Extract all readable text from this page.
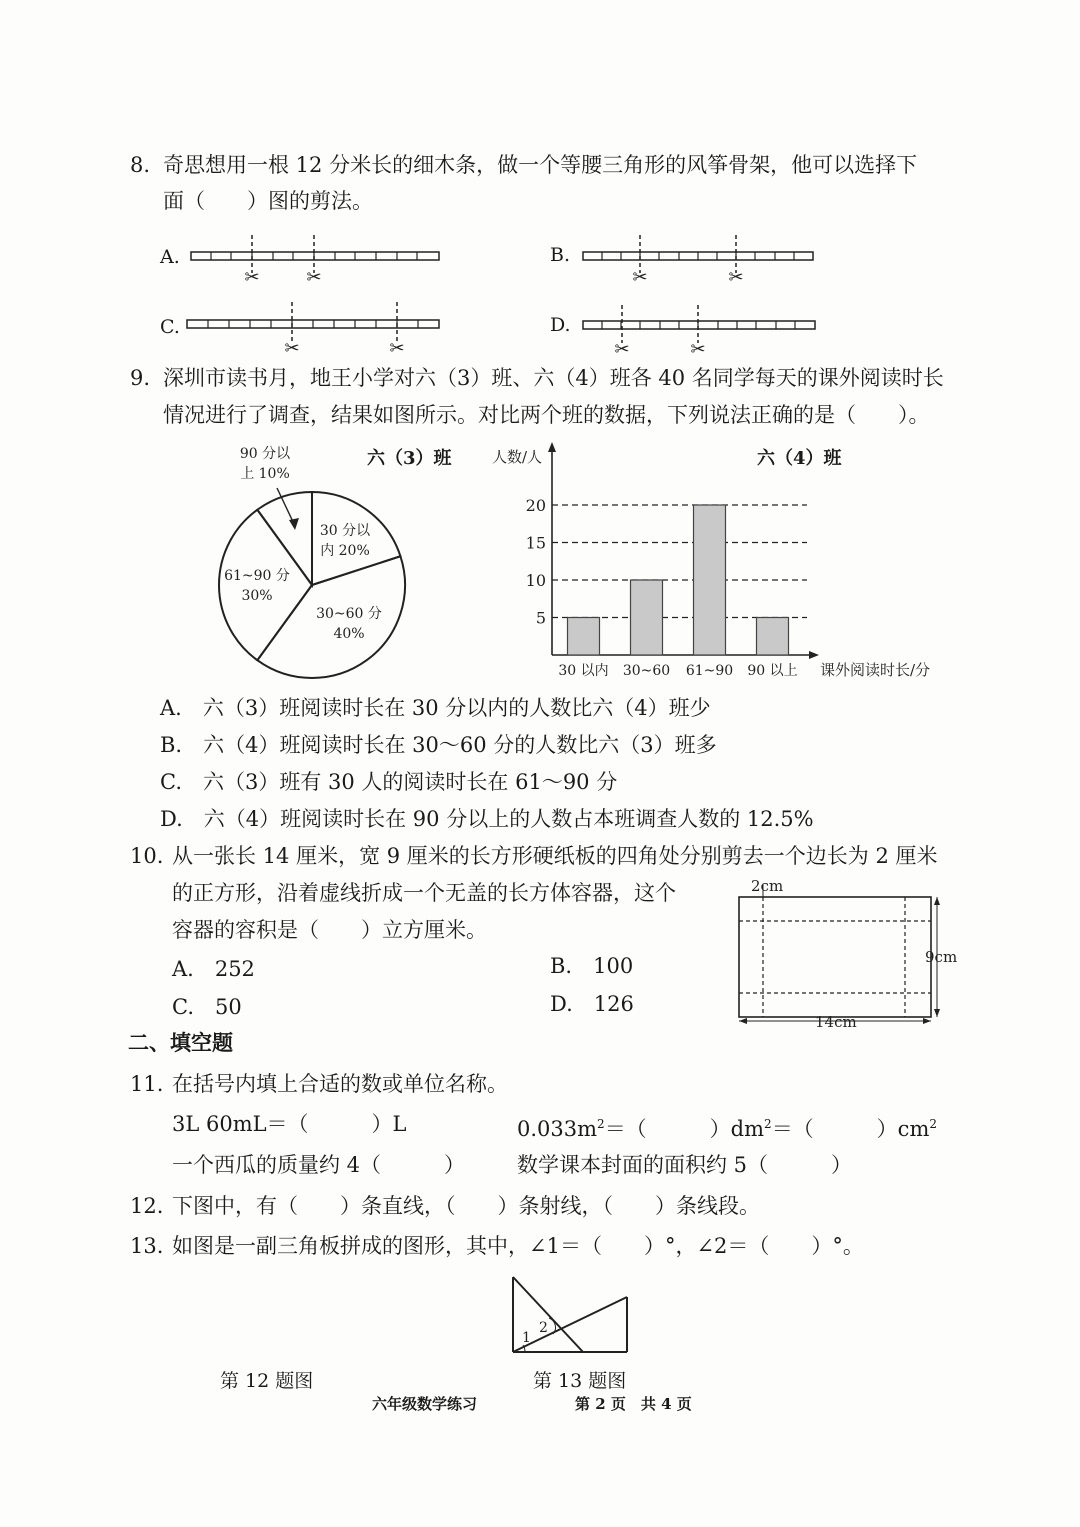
8. 奇思想用一根 12 分米长的细木条，做一个等腰三角形的风筝骨架，他可以选择下
面（　　）图的剪法。
A.	B.
C.	D.
✂	✂	✂	✂
✂	✂	✂	✂
9. 深圳市读书月，地王小学对六（3）班、六（4）班各 40 名同学每天的课外阅读时长
情况进行了调查，结果如图所示。对比两个班的数据，下列说法正确的是（　　）。
六（3）班	六（4）班
30 分以
内 20%
30~60 分
40%
61~90 分
30%
90 分以
上 10%
人数/人
5
10
15
20
30 以内 30~60 61~90 90 以上 课外阅读时长/分
A.　六（3）班阅读时长在 30 分以内的人数比六（4）班少
B.　六（4）班阅读时长在 30～60 分的人数比六（3）班多
C.　六（3）班有 30 人的阅读时长在 61～90 分
D.　六（4）班阅读时长在 90 分以上的人数占本班调查人数的 12.5%
10. 从一张长 14 厘米，宽 9 厘米的长方形硬纸板的四角处分别剪去一个边长为 2 厘米
的正方形，沿着虚线折成一个无盖的长方体容器，这个
容器的容积是（　　）立方厘米。
A.　252	B.　100
C.　50	D.　126
2cm
9cm
14cm
二、填空题
11. 在括号内填上合适的数或单位名称。
3L 60mL＝（　　　）L	$0.033m^2=$（　　　）$dm^2=$（　　　）$cm^2$
一个西瓜的质量约 4（　　　） 数学课本封面的面积约 5（　　　）
12. 下图中，有（　　）条直线，（　　）条射线，（　　）条线段。
13. 如图是一副三角板拼成的图形，其中，∠1＝（　　）°，∠2＝（　　）°。
1
2
第 12 题图	第 13 题图
六年级数学练习	第 2 页　共 4 页
